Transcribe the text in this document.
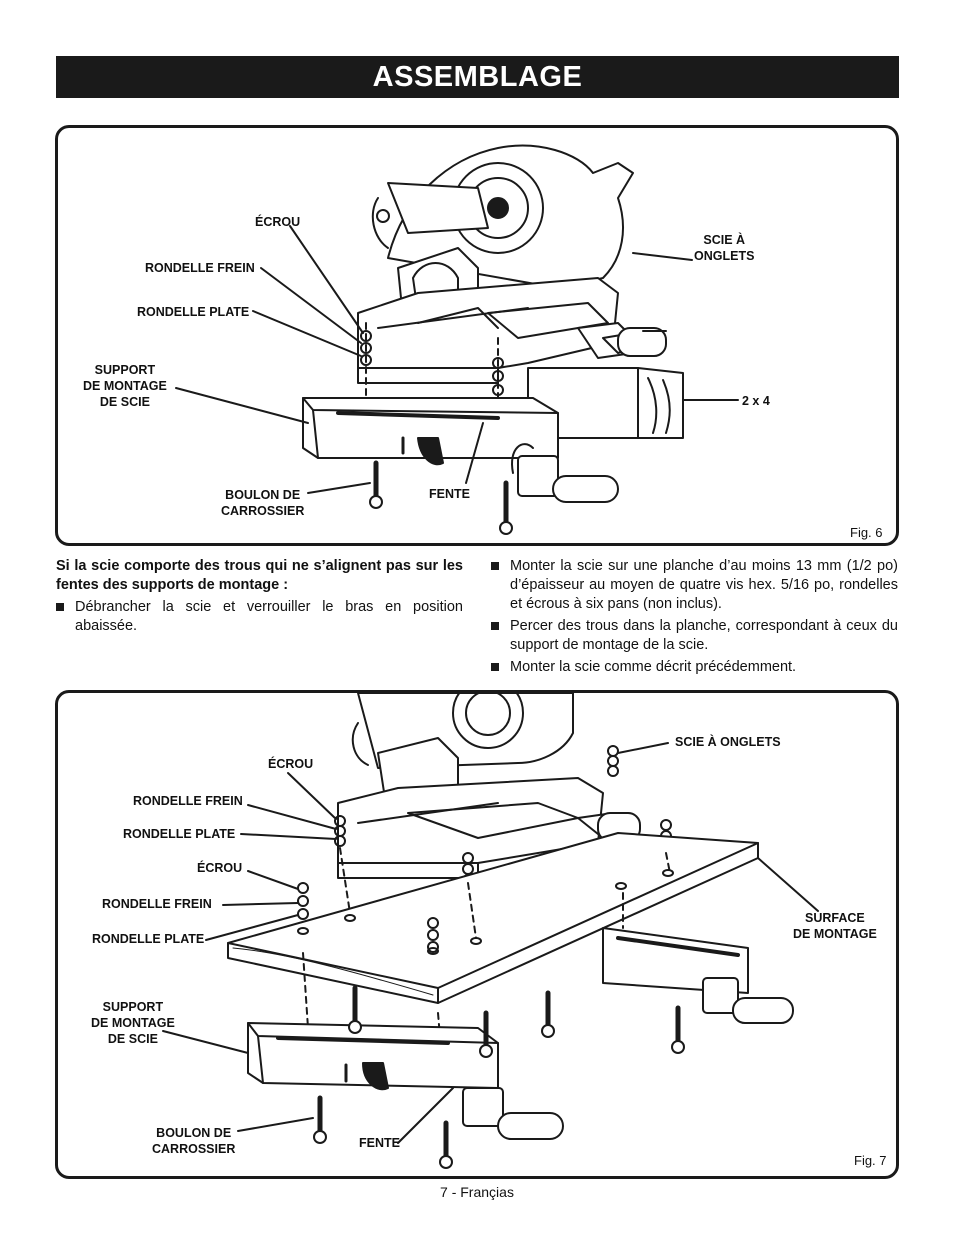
ASSEMBLAGE
ÉCROU
RONDELLE FREIN
RONDELLE PLATE
SUPPORT
DE MONTAGE
DE SCIE
BOULON DE
CARROSSIER
FENTE
SCIE À
ONGLETS
2 x 4
Fig. 6

Si la scie comporte des trous qui ne s’alignent pas sur les fentes des supports de montage :

Débrancher la scie et verrouiller le bras en position abaissée.
Monter la scie sur une planche d’au moins 13 mm (1/2 po) d’épaisseur au moyen de quatre vis hex. 5/16 po, rondelles et écrous à six pans (non inclus).
Percer des trous dans la planche, correspondant à ceux du support de montage de la scie.
Monter la scie comme décrit précédemment.
ÉCROU
RONDELLE FREIN
RONDELLE PLATE
ÉCROU
RONDELLE FREIN
RONDELLE PLATE
SUPPORT
DE MONTAGE
DE SCIE
BOULON DE
CARROSSIER	FENTE
SCIE À ONGLETS
SURFACE
DE MONTAGE
Fig. 7
7 - Françias
